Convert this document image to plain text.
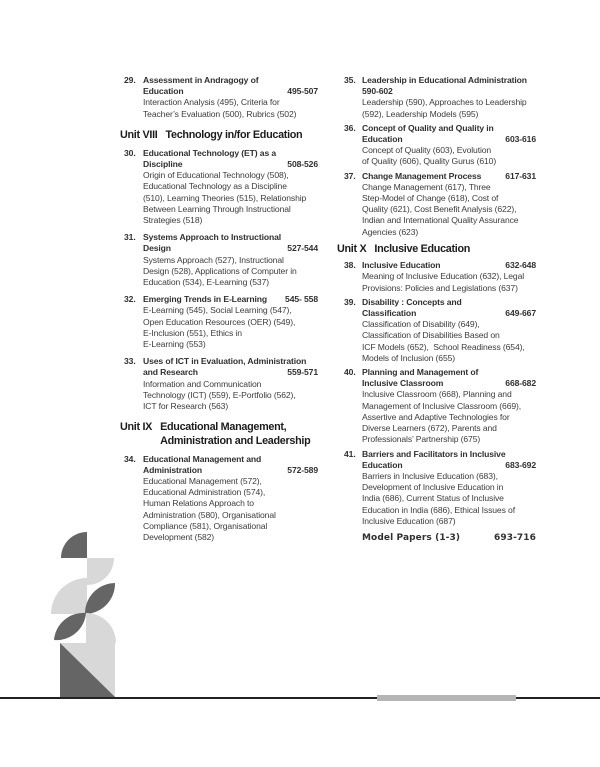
29. Assessment in Andragogy of
Education	495-507
Interaction Analysis (495), Criteria for
Teacher’s Evaluation (500), Rubrics (502)
Unit VIII Technology in/for Education
30. Educational Technology (ET) as a
Discipline	508-526
Origin of Educational Technology (508),
Educational Technology as a Discipline
(510), Learning Theories (515), Relationship
Between Learning Through Instructional
Strategies (518)
31. Systems Approach to Instructional
Design	527-544
Systems Approach (527), Instructional
Design (528), Applications of Computer in
Education (534), E-Learning (537)
32. Emerging Trends in E-Learning 545- 558
E-Learning (545), Social Learning (547),
Open Education Resources (OER) (549),
E-Inclusion (551), Ethics in
E-Learning (553)
33. Uses of ICT in Evaluation, Administration
and Research	559-571
Information and Communication
Technology (ICT) (559), E-Portfolio (562),
ICT for Research (563)
Unit IX Educational Management,
Administration and Leadership
34. Educational Management and
Administration	572-589
Educational Management (572),
Educational Administration (574),
Human Relations Approach to
Administration (580), Organisational
Compliance (581), Organisational
Development (582)
35. Leadership in Educational Administration
590-602
Leadership (590), Approaches to Leadership
(592), Leadership Models (595)
36. Concept of Quality and Quality in
Education	603-616
Concept of Quality (603), Evolution
of Quality (606), Quality Gurus (610)
37. Change Management Process	617-631
Change Management (617), Three
Step-Model of Change (618), Cost of
Quality (621), Cost Benefit Analysis (622),
Indian and International Quality Assurance
Agencies (623)
Unit X Inclusive Education
38. Inclusive Education	632-648
Meaning of Inclusive Education (632), Legal
Provisions: Policies and Legislations (637)
39. Disability : Concepts and
Classification	649-667
Classification of Disability (649),
Classification of Disabilities Based on
ICF Models (652),  School Readiness (654),
Models of Inclusion (655)
40. Planning and Management of
Inclusive Classroom	668-682
Inclusive Classroom (668), Planning and
Management of Inclusive Classroom (669),
Assertive and Adaptive Technologies for
Diverse Learners (672), Parents and
Professionals’ Partnership (675)
41. Barriers and Facilitators in Inclusive
Education	683-692
Barriers in Inclusive Education (683),
Development of Inclusive Education in
India (686), Current Status of Inclusive
Education in India (686), Ethical Issues of
Inclusive Education (687)
Model Papers (1-3)	693-716
